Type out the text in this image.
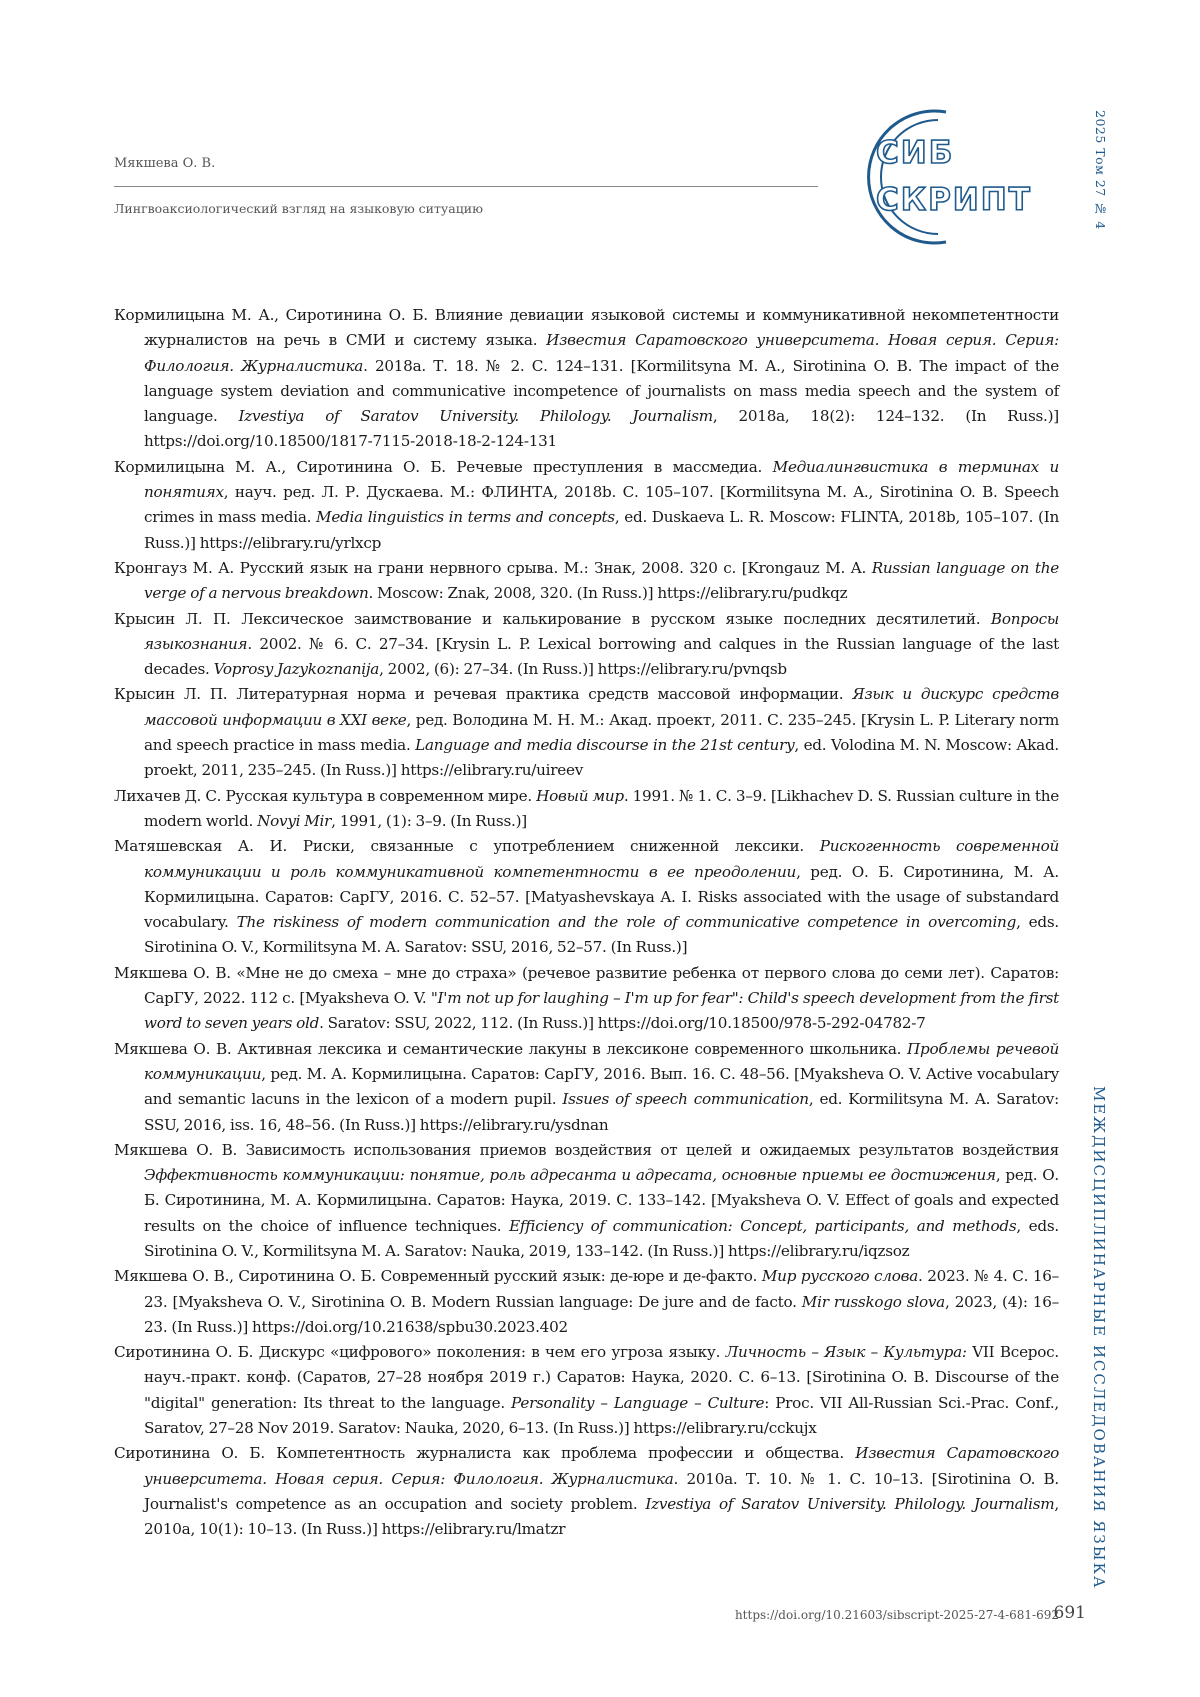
Мякшева О. В.
Лингвоаксиологический взгляд на языковую ситуацию
СИБ
СКРИПТ	2025 Том 27 № 4
МЕЖДИСЦИПЛИНАРНЫЕ ИССЛЕДОВАНИЯ ЯЗЫКА
Кормилицына М. А., Сиротинина О. Б. Влияние девиации языковой системы и коммуникативной некомпетентности журналистов на речь в СМИ и систему языка. Известия Саратовского университета. Новая серия. Серия: Филология. Журналистика. 2018a. Т. 18. № 2. С. 124–131. [Kormilitsyna M. A., Sirotinina O. B. The impact of the language system deviation and communicative incompetence of journalists on mass media speech and the system of language. Izvestiya of Saratov University. Philology. Journalism, 2018a, 18(2): 124–132. (In Russ.)] https://doi.org/10.18500/1817-7115-2018-18-2-124-131
Кормилицына М. А., Сиротинина О. Б. Речевые преступления в массмедиа. Медиалингвистика в терминах и понятиях, науч. ред. Л. Р. Дускаева. М.: ФЛИНТА, 2018b. С. 105–107. [Kormilitsyna M. A., Sirotinina O. B. Speech crimes in mass media. Media linguistics in terms and concepts, ed. Duskaeva L. R. Moscow: FLINTA, 2018b, 105–107. (In Russ.)] https://elibrary.ru/yrlxcp
Кронгауз М. А. Русский язык на грани нервного срыва. М.: Знак, 2008. 320 с. [Krongauz M. A. Russian language on the verge of a nervous breakdown. Moscow: Znak, 2008, 320. (In Russ.)] https://elibrary.ru/pudkqz
Крысин Л. П. Лексическое заимствование и калькирование в русском языке последних десятилетий. Вопросы языкознания. 2002. № 6. С. 27–34. [Krysin L. P. Lexical borrowing and calques in the Russian language of the last decades. Voprosy Jazykoznanija, 2002, (6): 27–34. (In Russ.)] https://elibrary.ru/pvnqsb
Крысин Л. П. Литературная норма и речевая практика средств массовой информации. Язык и дискурс средств массовой информации в XXI веке, ред. Володина М. Н. М.: Акад. проект, 2011. С. 235–245. [Krysin L. P. Literary norm and speech practice in mass media. Language and media discourse in the 21st century, ed. Volodina M. N. Moscow: Akad. proekt, 2011, 235–245. (In Russ.)] https://elibrary.ru/uireev
Лихачев Д. С. Русская культура в современном мире. Новый мир. 1991. № 1. С. 3–9. [Likhachev D. S. Russian culture in the modern world. Novyi Mir, 1991, (1): 3–9. (In Russ.)]
Матяшевская А. И. Риски, связанные с употреблением сниженной лексики. Рискогенность современной коммуникации и роль коммуникативной компетентности в ее преодолении, ред. О. Б. Сиротинина, М. А. Кормилицына. Саратов: СарГУ, 2016. С. 52–57. [Matyashevskaya A. I. Risks associated with the usage of substandard vocabulary. The riskiness of modern communication and the role of communicative competence in overcoming, eds. Sirotinina O. V., Kormilitsyna M. A. Saratov: SSU, 2016, 52–57. (In Russ.)]
Мякшева О. В. «Мне не до смеха – мне до страха» (речевое развитие ребенка от первого слова до семи лет). Саратов: СарГУ, 2022. 112 с. [Myaksheva O. V. "I'm not up for laughing – I'm up for fear": Child's speech development from the first word to seven years old. Saratov: SSU, 2022, 112. (In Russ.)] https://doi.org/10.18500/978-5-292-04782-7
Мякшева О. В. Активная лексика и семантические лакуны в лексиконе современного школьника. Проблемы речевой коммуникации, ред. М. А. Кормилицына. Саратов: СарГУ, 2016. Вып. 16. С. 48–56. [Myaksheva O. V. Active vocabulary and semantic lacuns in the lexicon of a modern pupil. Issues of speech communication, ed. Kormilitsyna M. A. Saratov: SSU, 2016, iss. 16, 48–56. (In Russ.)] https://elibrary.ru/ysdnan
Мякшева О. В. Зависимость использования приемов воздействия от целей и ожидаемых результатов воздействия Эффективность коммуникации: понятие, роль адресанта и адресата, основные приемы ее достижения, ред. О. Б. Сиротинина, М. А. Кормилицына. Саратов: Наука, 2019. С. 133–142. [Myaksheva O. V. Effect of goals and expected results on the choice of influence techniques. Efficiency of communication: Concept, participants, and methods, eds. Sirotinina O. V., Kormilitsyna M. A. Saratov: Nauka, 2019, 133–142. (In Russ.)] https://elibrary.ru/iqzsoz
Мякшева О. В., Сиротинина О. Б. Современный русский язык: де-юре и де-факто. Мир русского слова. 2023. № 4. С. 16–23. [Myaksheva O. V., Sirotinina O. B. Modern Russian language: De jure and de facto. Mir russkogo slova, 2023, (4): 16–23. (In Russ.)] https://doi.org/10.21638/spbu30.2023.402
Сиротинина О. Б. Дискурс «цифрового» поколения: в чем его угроза языку. Личность – Язык – Культура: VII Всерос. науч.-практ. конф. (Саратов, 27–28 ноября 2019 г.) Саратов: Наука, 2020. С. 6–13. [Sirotinina O. B. Discourse of the "digital" generation: Its threat to the language. Personality – Language – Culture: Proc. VII All-Russian Sci.-Prac. Conf., Saratov, 27–28 Nov 2019. Saratov: Nauka, 2020, 6–13. (In Russ.)] https://elibrary.ru/cckujx
Сиротинина О. Б. Компетентность журналиста как проблема профессии и общества. Известия Саратовского университета. Новая серия. Серия: Филология. Журналистика. 2010a. Т. 10. № 1. С. 10–13. [Sirotinina O. B. Journalist's competence as an occupation and society problem. Izvestiya of Saratov University. Philology. Journalism, 2010a, 10(1): 10–13. (In Russ.)] https://elibrary.ru/lmatzr
https://doi.org/10.21603/sibscript-2025-27-4-681-692
691
